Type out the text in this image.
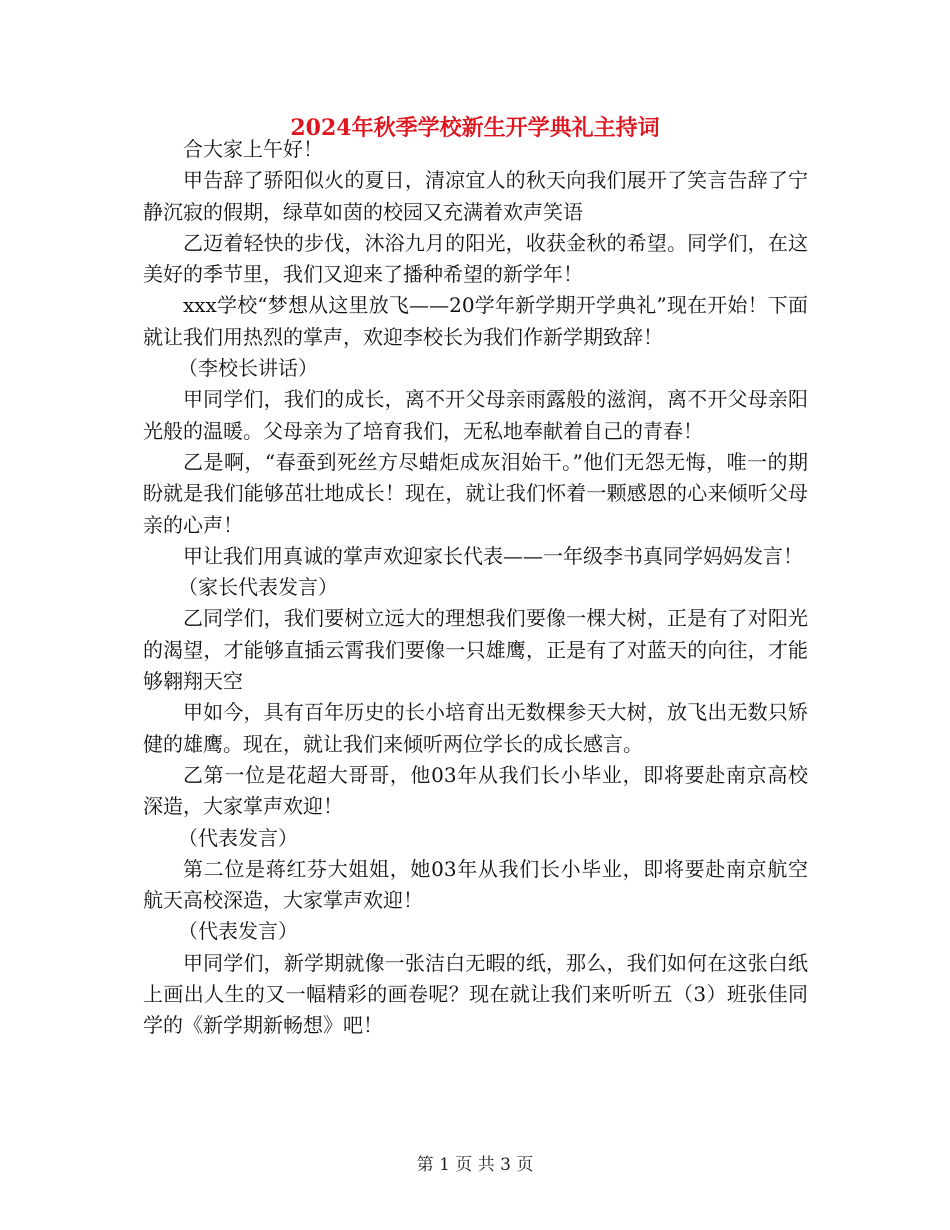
2024年秋季学校新生开学典礼主持词

合大家上午好！

甲告辞了骄阳似火的夏日，清凉宜人的秋天向我们展开了笑言告辞了宁静沉寂的假期，绿草如茵的校园又充满着欢声笑语

乙迈着轻快的步伐，沐浴九月的阳光，收获金秋的希望。同学们，在这美好的季节里，我们又迎来了播种希望的新学年！

xxx学校“梦想从这里放飞——20学年新学期开学典礼”现在开始！下面就让我们用热烈的掌声，欢迎李校长为我们作新学期致辞！

（李校长讲话）

甲同学们，我们的成长，离不开父母亲雨露般的滋润，离不开父母亲阳光般的温暖。父母亲为了培育我们，无私地奉献着自己的青春！

乙是啊，“春蚕到死丝方尽蜡炬成灰泪始干。”他们无怨无悔，唯一的期盼就是我们能够茁壮地成长！现在，就让我们怀着一颗感恩的心来倾听父母亲的心声！

甲让我们用真诚的掌声欢迎家长代表——一年级李书真同学妈妈发言！

（家长代表发言）

乙同学们，我们要树立远大的理想我们要像一棵大树，正是有了对阳光的渴望，才能够直插云霄我们要像一只雄鹰，正是有了对蓝天的向往，才能够翱翔天空

甲如今，具有百年历史的长小培育出无数棵参天大树，放飞出无数只矫健的雄鹰。现在，就让我们来倾听两位学长的成长感言。

乙第一位是花超大哥哥，他03年从我们长小毕业，即将要赴南京高校深造，大家掌声欢迎！

（代表发言）

第二位是蒋红芬大姐姐，她03年从我们长小毕业，即将要赴南京航空航天高校深造，大家掌声欢迎！

（代表发言）

甲同学们，新学期就像一张洁白无暇的纸，那么，我们如何在这张白纸上画出人生的又一幅精彩的画卷呢？现在就让我们来听听五（3）班张佳同学的《新学期新畅想》吧！

第 1 页 共 3 页
